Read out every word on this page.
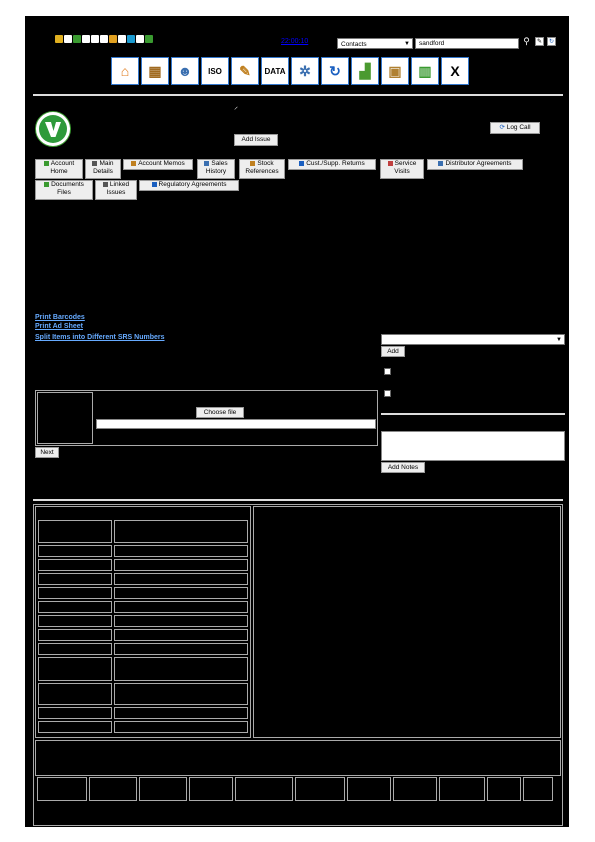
22:00:10	Contacts	▼	sandford	⚲	✎	↻
⌂	▦	☻	ISO	✎	DATA ✲	↻	▟	▣	▥	X
⸝
Add Issue
⟳ Log Call
Account Home
Main Details
Account Memos	Sales History
Stock References
Cust./Supp. Returns	Service Visits
Distributor Agreements
Documents Files
Linked Issues
Regulatory Agreements
Print Barcodes
Print Ad Sheet
Split Items into Different SRS Numbers	▼
Add
Add Notes
Choose file
Next
